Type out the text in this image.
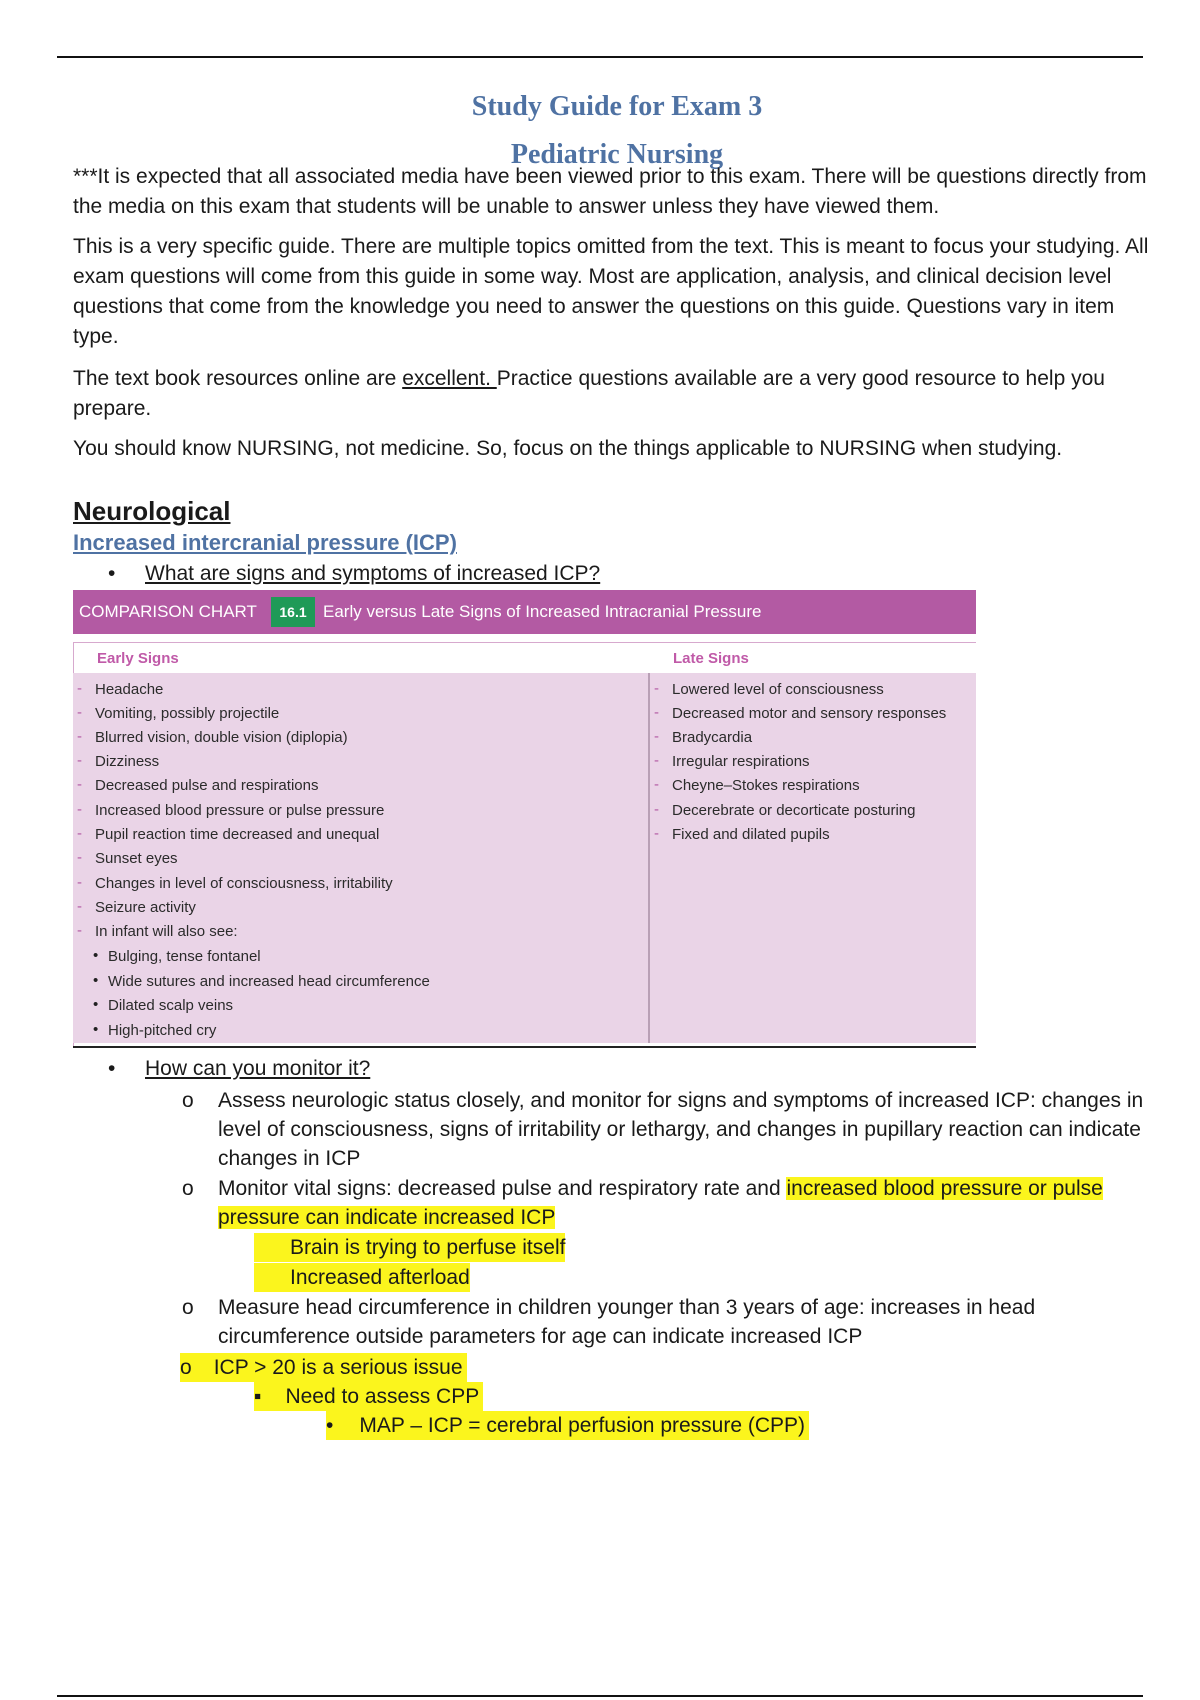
Study Guide for Exam 3
Pediatric Nursing

***It is expected that all associated media have been viewed prior to this exam. There will be questions directly from the media on this exam that students will be unable to answer unless they have viewed them.

This is a very specific guide. There are multiple topics omitted from the text. This is meant to focus your studying. All exam questions will come from this guide in some way. Most are application, analysis, and clinical decision level questions that come from the knowledge you need to answer the questions on this guide. Questions vary in item type.

The text book resources online are excellent. Practice questions available are a very good resource to help you prepare.

You should know NURSING, not medicine. So, focus on the things applicable to NURSING when studying.

Neurological
Increased intercranial pressure (ICP)
• What are signs and symptoms of increased ICP?
COMPARISON CHART	16.1 Early versus Late Signs of Increased Intracranial Pressure
Early Signs	Late Signs
- Headache
- Vomiting, possibly projectile
- Blurred vision, double vision (diplopia)
- Dizziness
- Decreased pulse and respirations
- Increased blood pressure or pulse pressure
- Pupil reaction time decreased and unequal
- Sunset eyes
- Changes in level of consciousness, irritability
- Seizure activity
- In infant will also see:
• Bulging, tense fontanel
• Wide sutures and increased head circumference
• Dilated scalp veins
• High-pitched cry
- Lowered level of consciousness
- Decreased motor and sensory responses
- Bradycardia
- Irregular respirations
- Cheyne–Stokes respirations
- Decerebrate or decorticate posturing
- Fixed and dilated pupils
• How can you monitor it?
o Assess neurologic status closely, and monitor for signs and symptoms of increased ICP: changes in level of consciousness, signs of irritability or lethargy, and changes in pupillary reaction can indicate changes in ICP
o Monitor vital signs: decreased pulse and respiratory rate and increased blood pressure or pulse pressure can indicate increased ICP
Brain is trying to perfuse itself
Increased afterload
o Measure head circumference in children younger than 3 years of age: increases in head circumference outside parameters for age can indicate increased ICP
o ICP > 20 is a serious issue
▪ Need to assess CPP
• MAP – ICP = cerebral perfusion pressure (CPP)
